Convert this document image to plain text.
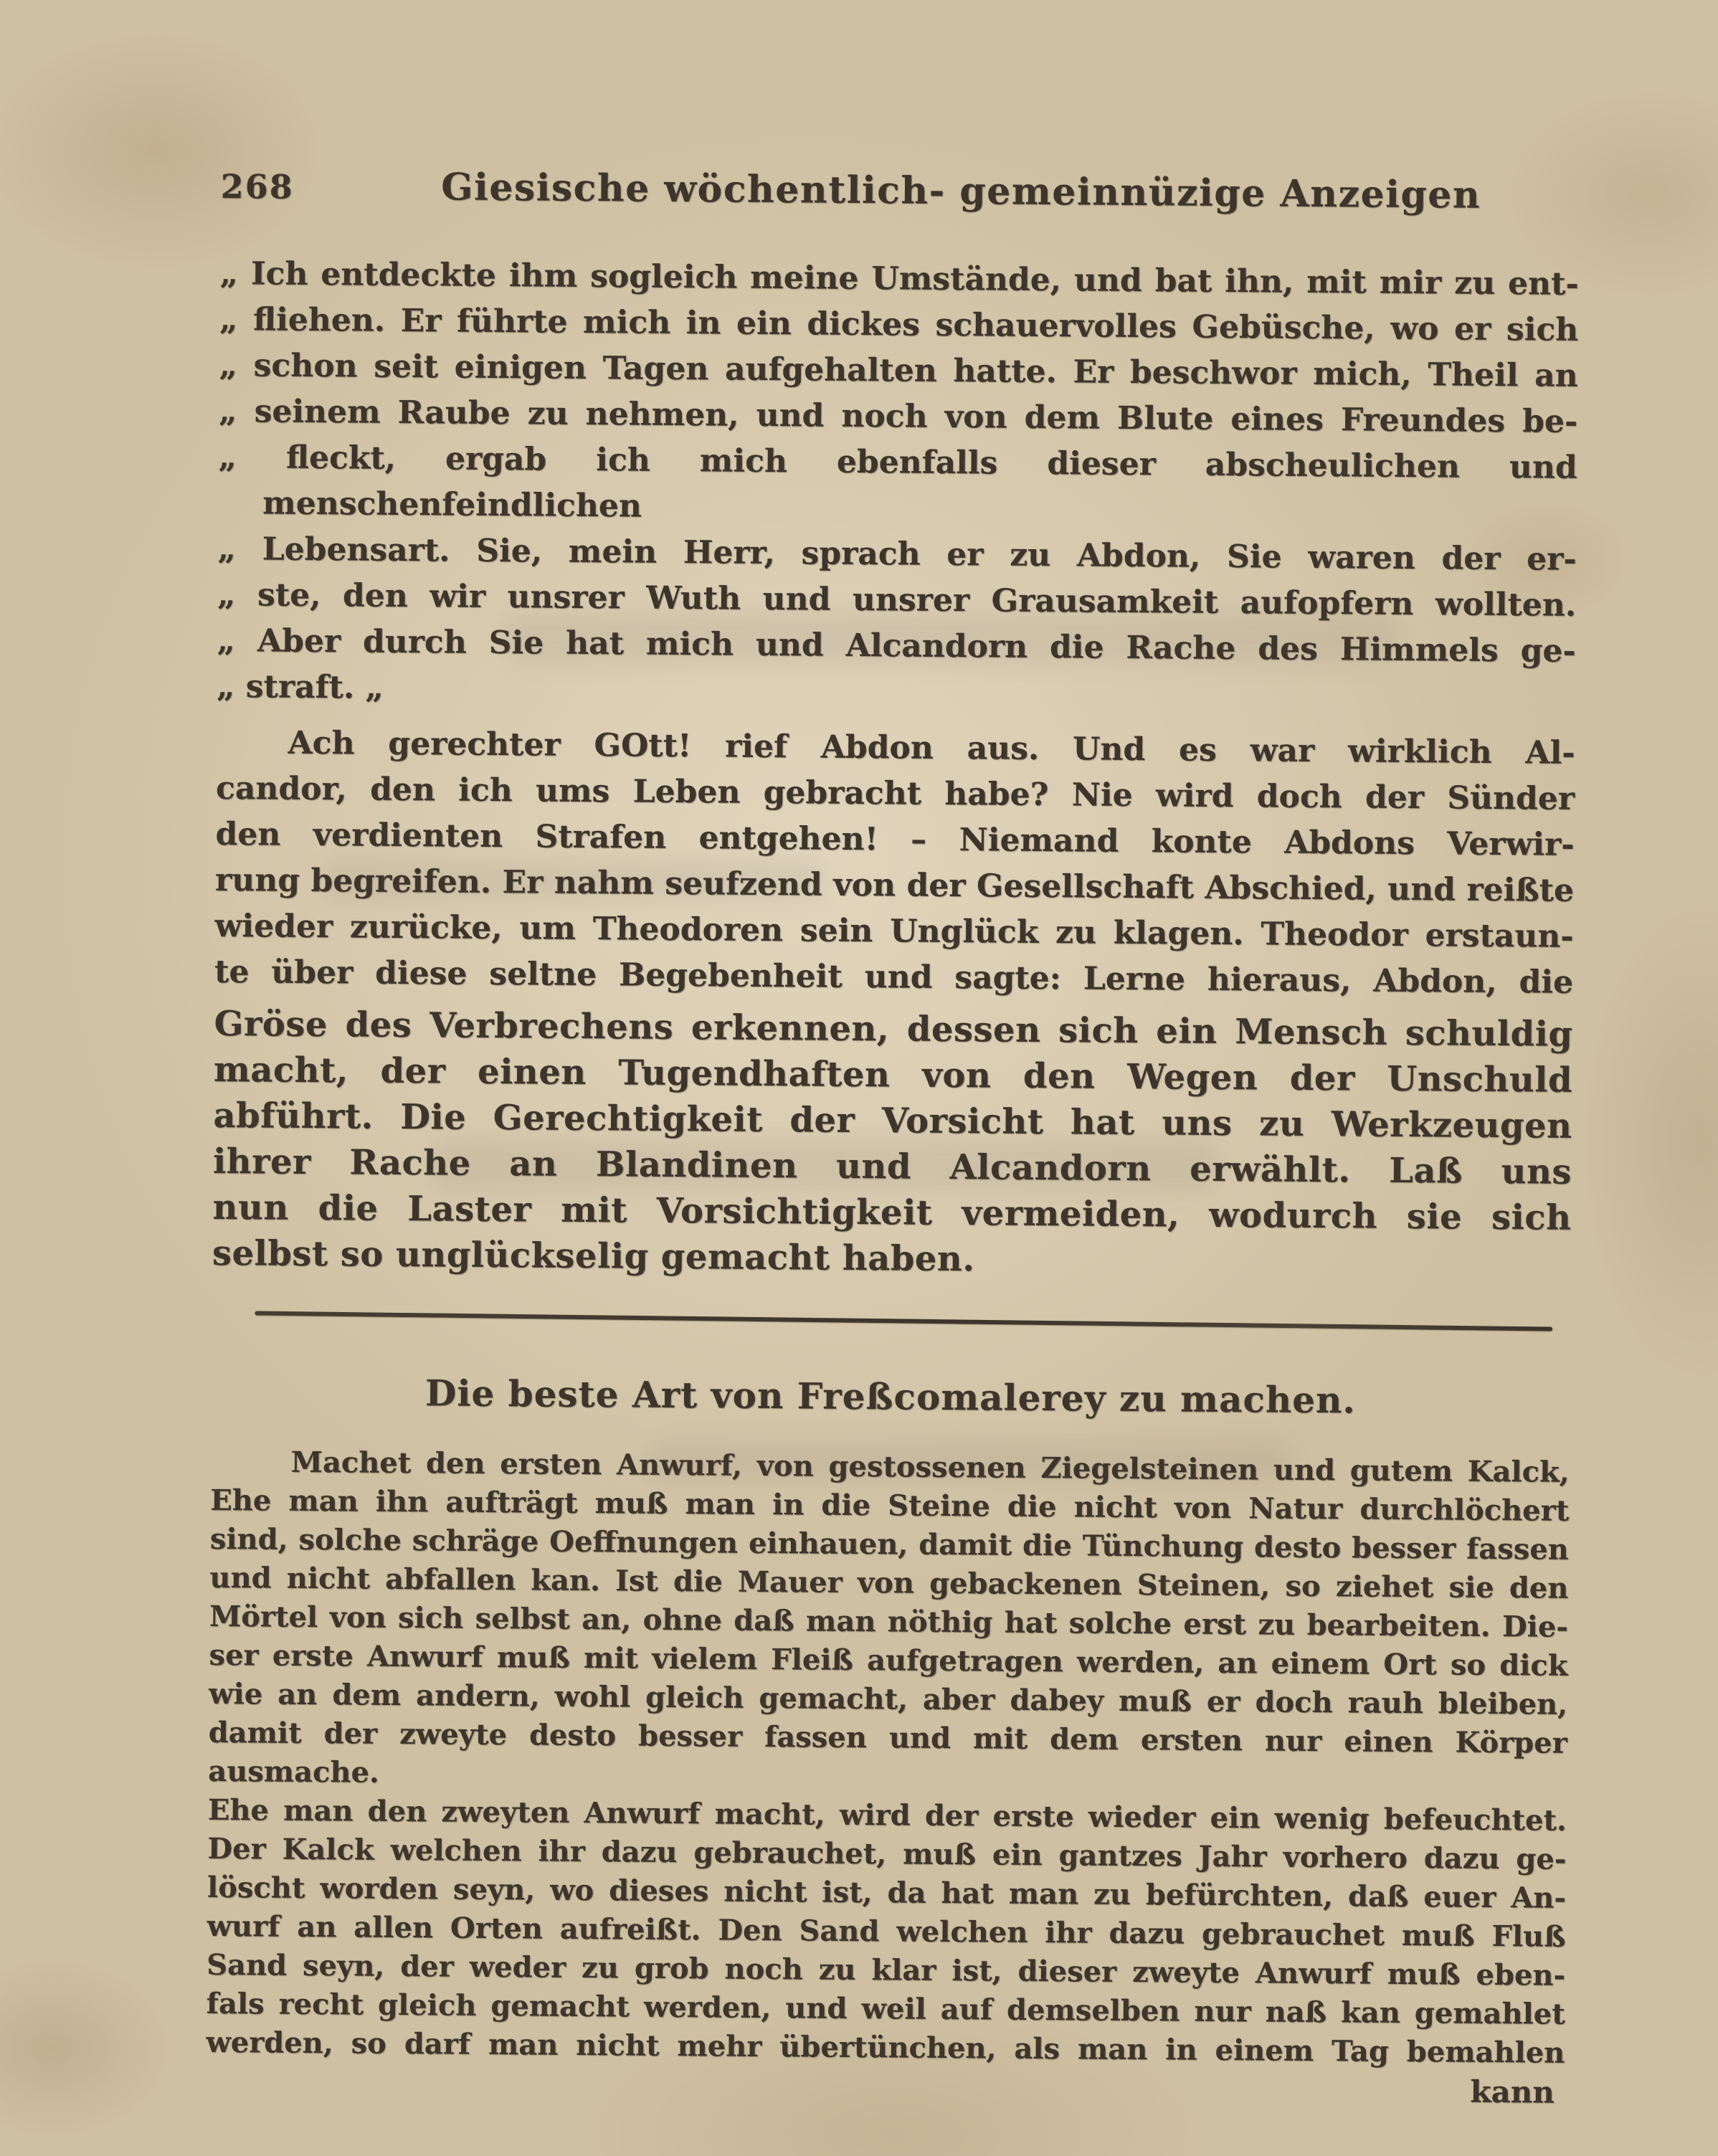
268	Giesische wöchentlich- gemeinnüzige Anzeigen
„ Ich entdeckte ihm sogleich meine Umstände, und bat ihn, mit mir zu ent-
„ fliehen. Er führte mich in ein dickes schauervolles Gebüsche, wo er sich
„ schon seit einigen Tagen aufgehalten hatte. Er beschwor mich, Theil an
„ seinem Raube zu nehmen, und noch von dem Blute eines Freundes be-
„ fleckt, ergab ich mich ebenfalls dieser abscheulichen und menschenfeindlichen
„ Lebensart. Sie, mein Herr, sprach er zu Abdon, Sie waren der er-
„ ste, den wir unsrer Wuth und unsrer Grausamkeit aufopfern wollten.
„ Aber durch Sie hat mich und Alcandorn die Rache des Himmels ge-
„ straft. „
Ach gerechter GOtt! rief Abdon aus. Und es war wirklich Al-
candor, den ich ums Leben gebracht habe? Nie wird doch der Sünder
den verdienten Strafen entgehen! – Niemand konte Abdons Verwir-
rung begreifen. Er nahm seufzend von der Gesellschaft Abschied, und reißte
wieder zurücke, um Theodoren sein Unglück zu klagen. Theodor erstaun-
te über diese seltne Begebenheit und sagte: Lerne hieraus, Abdon, die
Gröse des Verbrechens erkennen, dessen sich ein Mensch schuldig
macht, der einen Tugendhaften von den Wegen der Unschuld
abführt. Die Gerechtigkeit der Vorsicht hat uns zu Werkzeugen
ihrer Rache an Blandinen und Alcandorn erwählt. Laß uns
nun die Laster mit Vorsichtigkeit vermeiden, wodurch sie sich
selbst so unglückselig gemacht haben.
Die beste Art von Freßcomalerey zu machen.
Machet den ersten Anwurf, von gestossenen Ziegelsteinen und gutem Kalck,
Ehe man ihn aufträgt muß man in die Steine die nicht von Natur durchlöchert
sind, solche schräge Oeffnungen einhauen, damit die Tünchung desto besser fassen
und nicht abfallen kan. Ist die Mauer von gebackenen Steinen, so ziehet sie den
Mörtel von sich selbst an, ohne daß man nöthig hat solche erst zu bearbeiten. Die-
ser erste Anwurf muß mit vielem Fleiß aufgetragen werden, an einem Ort so dick
wie an dem andern, wohl gleich gemacht, aber dabey muß er doch rauh bleiben,
damit der zweyte desto besser fassen und mit dem ersten nur einen Körper ausmache.
Ehe man den zweyten Anwurf macht, wird der erste wieder ein wenig befeuchtet.
Der Kalck welchen ihr dazu gebrauchet, muß ein gantzes Jahr vorhero dazu ge-
löscht worden seyn, wo dieses nicht ist, da hat man zu befürchten, daß euer An-
wurf an allen Orten aufreißt. Den Sand welchen ihr dazu gebrauchet muß Fluß
Sand seyn, der weder zu grob noch zu klar ist, dieser zweyte Anwurf muß eben-
fals recht gleich gemacht werden, und weil auf demselben nur naß kan gemahlet
werden, so darf man nicht mehr übertünchen, als man in einem Tag bemahlen
kann
